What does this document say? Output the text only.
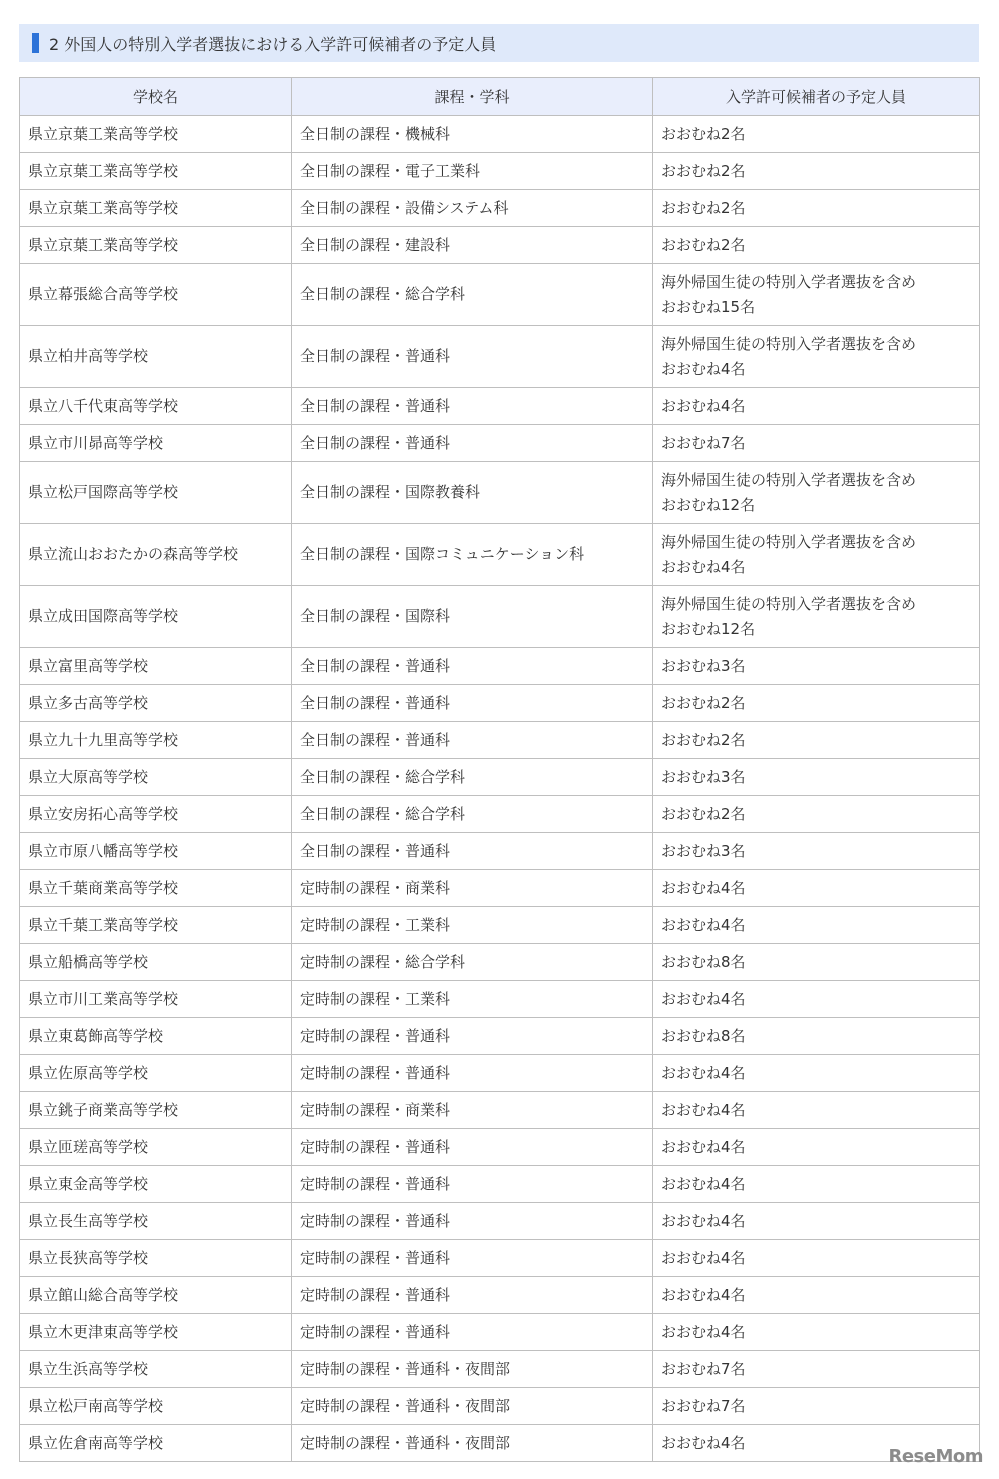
2 外国人の特別入学者選抜における入学許可候補者の予定人員
学校名	課程・学科	入学許可候補者の予定人員
県立京葉工業高等学校	全日制の課程・機械科	おおむね2名

県立京葉工業高等学校	全日制の課程・電子工業科	おおむね2名

県立京葉工業高等学校	全日制の課程・設備システム科	おおむね2名

県立京葉工業高等学校	全日制の課程・建設科	おおむね2名

県立幕張総合高等学校	全日制の課程・総合学科	海外帰国生徒の特別入学者選抜を含め
おおむね15名

県立柏井高等学校	全日制の課程・普通科	海外帰国生徒の特別入学者選抜を含め
おおむね4名

県立八千代東高等学校	全日制の課程・普通科	おおむね4名

県立市川昴高等学校	全日制の課程・普通科	おおむね7名

県立松戸国際高等学校	全日制の課程・国際教養科	海外帰国生徒の特別入学者選抜を含め
おおむね12名

県立流山おおたかの森高等学校	全日制の課程・国際コミュニケーション科	海外帰国生徒の特別入学者選抜を含め
おおむね4名

県立成田国際高等学校	全日制の課程・国際科	海外帰国生徒の特別入学者選抜を含め
おおむね12名

県立富里高等学校	全日制の課程・普通科	おおむね3名

県立多古高等学校	全日制の課程・普通科	おおむね2名

県立九十九里高等学校	全日制の課程・普通科	おおむね2名

県立大原高等学校	全日制の課程・総合学科	おおむね3名

県立安房拓心高等学校	全日制の課程・総合学科	おおむね2名

県立市原八幡高等学校	全日制の課程・普通科	おおむね3名

県立千葉商業高等学校	定時制の課程・商業科	おおむね4名

県立千葉工業高等学校	定時制の課程・工業科	おおむね4名

県立船橋高等学校	定時制の課程・総合学科	おおむね8名

県立市川工業高等学校	定時制の課程・工業科	おおむね4名

県立東葛飾高等学校	定時制の課程・普通科	おおむね8名

県立佐原高等学校	定時制の課程・普通科	おおむね4名

県立銚子商業高等学校	定時制の課程・商業科	おおむね4名

県立匝瑳高等学校	定時制の課程・普通科	おおむね4名

県立東金高等学校	定時制の課程・普通科	おおむね4名

県立長生高等学校	定時制の課程・普通科	おおむね4名

県立長狭高等学校	定時制の課程・普通科	おおむね4名

県立館山総合高等学校	定時制の課程・普通科	おおむね4名

県立木更津東高等学校	定時制の課程・普通科	おおむね4名

県立生浜高等学校	定時制の課程・普通科・夜間部	おおむね7名

県立松戸南高等学校	定時制の課程・普通科・夜間部	おおむね7名

県立佐倉南高等学校	定時制の課程・普通科・夜間部	おおむね4名
ReseMom
